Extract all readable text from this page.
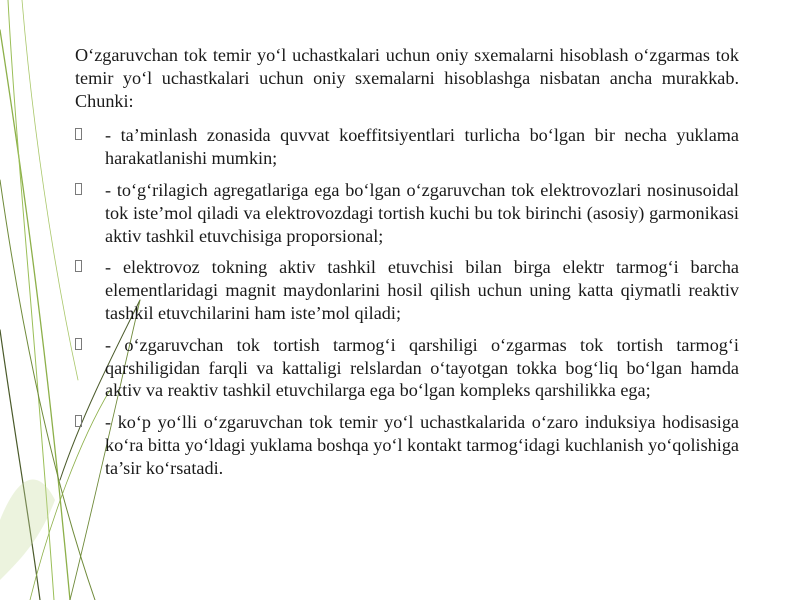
O‘zgaruvchan tok temir yo‘l uchastkalari uchun oniy sxemalarni hisoblash o‘zgarmas tok temir yo‘l uchastkalari uchun oniy sxemalarni hisoblashga nisbatan ancha murakkab. Chunki:

- ta’minlash zonasida quvvat koeffitsiyentlari turlicha bo‘lgan bir necha yuklama harakatlanishi mumkin;
- to‘g‘rilagich agregatlariga ega bo‘lgan o‘zgaruvchan tok elektrovozlari nosinusoidal tok iste’mol qiladi va elektrovozdagi tortish kuchi bu tok birinchi (asosiy) garmonikasi aktiv tashkil etuvchisiga proporsional;
- elektrovoz tokning aktiv tashkil etuvchisi bilan birga elektr tarmog‘i barcha elementlaridagi magnit maydonlarini hosil qilish uchun uning katta qiymatli reaktiv tashkil etuvchilarini ham iste’mol qiladi;
- o‘zgaruvchan tok tortish tarmog‘i qarshiligi o‘zgarmas tok tortish tarmog‘i qarshiligidan farqli va kattaligi relslardan o‘tayotgan tokka bog‘liq bo‘lgan hamda aktiv va reaktiv tashkil etuvchilarga ega bo‘lgan kompleks qarshilikka ega;
- ko‘p yo‘lli o‘zgaruvchan tok temir yo‘l uchastkalarida o‘zaro induksiya hodisasiga ko‘ra bitta yo‘ldagi yuklama boshqa yo‘l kontakt tarmog‘idagi kuchlanish yo‘qolishiga ta’sir ko‘rsatadi.
